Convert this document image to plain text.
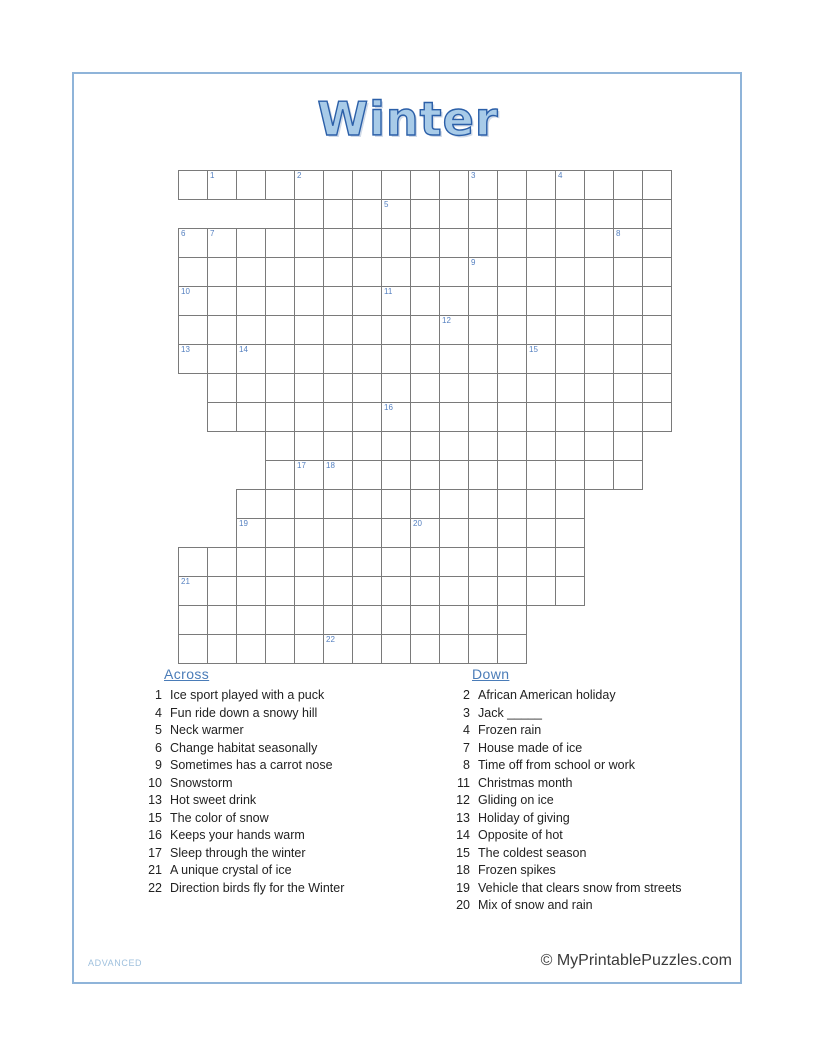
Winter

	1			2						3			4			

							5									

6	7														8	

										9						

10							11									

									12							

13		14										15				

							16									

				17	18											

		19						20								

21																

					22											

Across
1 Ice sport played with a puck
4 Fun ride down a snowy hill
5 Neck warmer
6 Change habitat seasonally
9 Sometimes has a carrot nose
10 Snowstorm
13 Hot sweet drink
15 The color of snow
16 Keeps your hands warm
17 Sleep through the winter
21 A unique crystal of ice
22 Direction birds fly for the Winter
Down
2 African American holiday
3 Jack _____
4 Frozen rain
7 House made of ice
8 Time off from school or work
11 Christmas month
12 Gliding on ice
13 Holiday of giving
14 Opposite of hot
15 The coldest season
18 Frozen spikes
19 Vehicle that clears snow from streets
20 Mix of snow and rain
ADVANCED	© MyPrintablePuzzles.com
